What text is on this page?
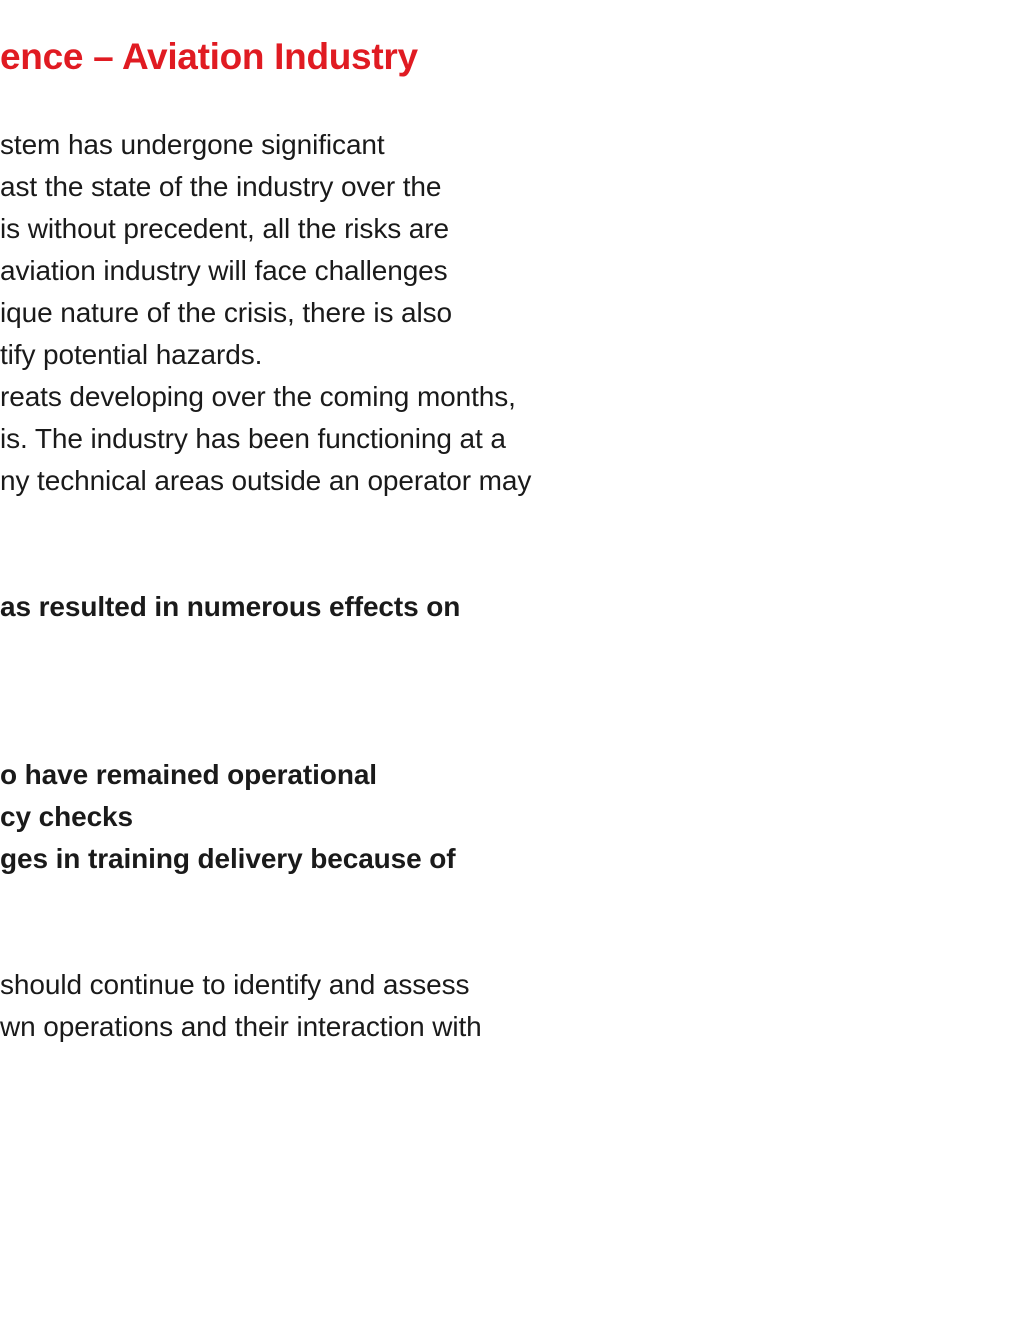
ence – Aviation Industry

stem has undergone significant

ast the state of the industry over the

is without precedent, all the risks are

aviation industry will face challenges

ique nature of the crisis, there is also

tify potential hazards.

reats developing over the coming months,

is. The industry has been functioning at a

ny technical areas outside an operator may

as resulted in numerous effects on

o have remained operational

cy checks

ges in training delivery because of

should continue to identify and assess

wn operations and their interaction with
